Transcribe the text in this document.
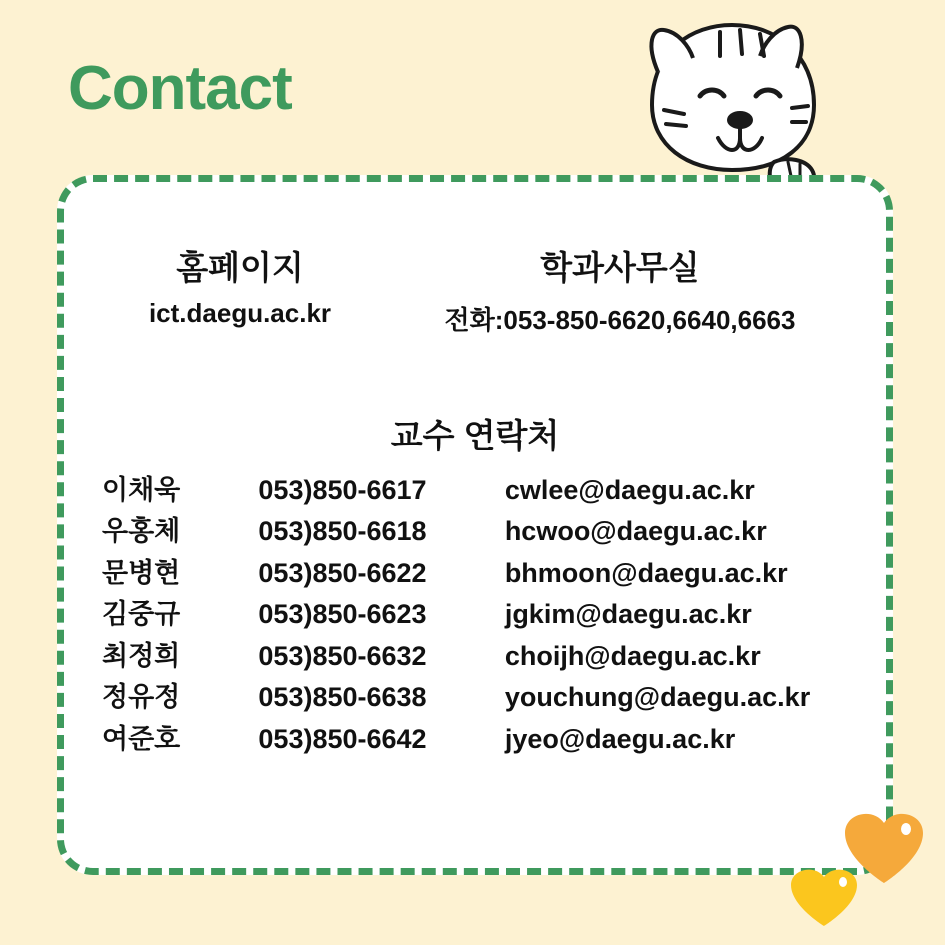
Contact
홈페이지
ict.daegu.ac.kr
학과사무실
전화:053-850-6620,6640,6663
교수 연락처
이채욱	053)850-6617	cwlee@daegu.ac.kr
우홍체	053)850-6618	hcwoo@daegu.ac.kr
문병현	053)850-6622	bhmoon@daegu.ac.kr
김중규	053)850-6623	jgkim@daegu.ac.kr
최정희	053)850-6632	choijh@daegu.ac.kr
정유정	053)850-6638	youchung@daegu.ac.kr
여준호	053)850-6642	jyeo@daegu.ac.kr
